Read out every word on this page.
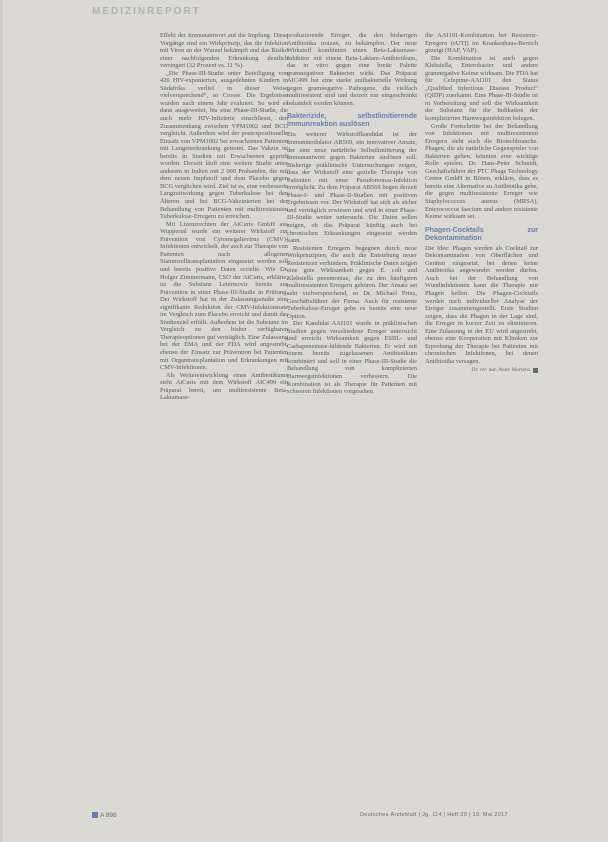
MEDIZINREPORT

Effekt der Immunantwort auf die Impfung. Diese Vorgänge sind ein Wirkprinzip, das die Infektion mit Viren an der Wurzel bekämpft und das Risiko einer nachfolgenden Erkrankung deutlich verringert (32 Prozent vs. 11 %).

„Die Phase-III-Studie unter Beteiligung von 426 HIV-exponierten, ausgedehnten Kindern in Südafrika verlief in dieser Weise vielversprechend“, so Crosse. Die Ergebnisse wurden nach einem Jahr evaluiert. So wird es dann ausgeweitet, bis eine Phase-III-Studie, die auch mehr HIV-Infizierte einschliesst, den Zusammenhang zwischen VPM1002 und BCG vergleicht. Außerdem wird der postexpositionelle Einsatz von VPM1002 bei erwachsenen Patienten mit Lungenerkrankung getestet. Das Vakzin ist bereits in Studien mit Erwachsenen geprüft worden. Derzeit läuft eine weitere Studie unter anderem in Indien mit 2 000 Probanden, die mit dem neuen Impfstoff und dem Placebo gegen BCG verglichen wird. Ziel ist es, eine verbesserte Langzeitwirkung gegen Tuberkulose bei den Älteren und bei BCG-Vakzinierten bei der Behandlung von Patienten mit multiresistenten Tuberkulose-Erregern zu erreichen.

Mit Lizenzrechten der AiCuris GmbH aus Wuppertal wurde ein weiterer Wirkstoff zur Prävention von Cytomegalievirus (CMV)-Infektionen entwickelt, der auch zur Therapie von Patienten nach allogener Stammzelltransplantation eingesetzt werden soll und bereits positive Daten erzielte. Wie Dr. Holger Zimmermann, CSO der AiCuris, erklärte, ist die Substanz Letermovir bereits zur Prävention in einer Phase-III-Studie in Prüfung. Der Wirkstoff hat in der Zulassungsstudie eine signifikante Reduktion der CMV-Infektionsrate im Vergleich zum Placebo erreicht und damit das Studienziel erfüllt. Außerdem ist die Substanz im Vergleich zu den bisher verfügbaren Therapieoptionen gut verträglich. Eine Zulassung bei der EMA und der FDA wird angestrebt, ebenso der Einsatz zur Prävention bei Patienten mit Organtransplantation und Erkrankungen mit CMV-Infektionen.

Als Weiterentwicklung eines Antibiotikums steht AiCuris mit dem Wirkstoff AIC499 ein Präparat bereit, um multiresistente Beta-Laktamase-

produzierende Erreger, die den bisherigen Antibiotika trotzen, zu bekämpfen. Der neue Wirkstoff kombiniert einen Beta-Laktamase-Inhibitor mit einem Beta-Laktam-Antibiotikum, das in vitro gegen eine breite Palette gramnegativer Bakterien wirkt. Das Präparat AIC499 hat eine starke antibakterielle Wirkung gegen gramnegative Pathogene, die vielfach multiresistent sind und derzeit nur eingeschränkt behandelt werden können.

Bakterizide, selbstlimitierende Immunreaktion auslösen

Ein weiterer Wirkstoffkandidat ist der Immunmodulator AB569, ein innovativer Ansatz, der eine neue natürliche Selbstlimitierung der Immunantwort gegen Bakterien auslösen soll. Bisherige präklinische Untersuchungen zeigen, dass der Wirkstoff eine gezielte Therapie von Patienten mit einer Pseudomonas-Infektion ermöglicht. Zu dem Präparat AB569 liegen derzeit Phase-I- und Phase-II-Studien mit positiven Ergebnissen vor. Der Wirkstoff hat sich als sicher und verträglich erwiesen und wird in einer Phase-III-Studie weiter untersucht. Die Daten sollen zeigen, ob das Präparat künftig auch bei chronischen Erkrankungen eingesetzt werden kann.

Resistenten Erregern begegnen durch neue Wirkprinzipien, die auch die Entstehung neuer Resistenzen verhindern. Präklinische Daten zeigen eine gute Wirksamkeit gegen E. coli und Klebsiella pneumoniae, die zu den häufigsten multiresistenten Erregern gehören. Der Ansatz sei sehr vielversprechend, so Dr. Michael Prinz, Geschäftsführer der Firma. Auch für resistente Tuberkulose-Erreger gebe es bereits eine neue Option.

Der Kandidat AAI101 wurde in präklinischen Studien gegen verschiedene Erreger untersucht und erreicht Wirksamkeit gegen ESBL- und Carbapenemase-bildende Bakterien. Er wird mit einem bereits zugelassenen Antibiotikum kombiniert und soll in einer Phase-III-Studie die Behandlung von komplizierten Harnwegsinfektionen verbessern. Die Kombination ist als Therapie für Patienten mit schweren Infektionen vorgesehen.

die AAI101-Kombination bei Resistenz-Erregern (cUTI) im Krankenhaus-Bereich gezeigt (HAP, VAP).

Die Kombination ist auch gegen Klebsiella, Enterobacter und andere gramnegative Keime wirksam. Die FDA hat für Cefepime-AAI101 den Status „Qualified Infectious Disease Product“ (QIDP) zuerkannt. Eine Phase-III-Studie ist in Vorbereitung und soll die Wirksamkeit der Substanz für die Indikation der komplizierten Harnwegsinfektion belegen.

Große Fortschritte bei der Behandlung von Infektionen mit multiresistenten Erregern sieht auch die Biotechbranche. Phagen, die als natürliche Gegenspieler von Bakterien gelten, könnten eine wichtige Rolle spielen. Dr. Hans-Peter Schmidt, Geschäftsführer der PTC Phage Technology Center GmbH in Bönen, erklärte, dass es bereits eine Alternative zu Antibiotika gebe, die gegen multiresistente Erreger wie Staphylococcus aureus (MRSA), Enterococcus faecium und andere resistente Keime wirksam sei.

Phagen-Cocktails zur Dekontamination

Die Idee: Phagen werden als Cocktail zur Dekontamination von Oberflächen und Geräten eingesetzt, bei denen keine Antibiotika angewendet werden dürfen. Auch bei der Behandlung von Wundinfektionen kann die Therapie mit Phagen helfen. Die Phagen-Cocktails werden nach individueller Analyse der Erreger zusammengestellt. Erste Studien zeigen, dass die Phagen in der Lage sind, die Erreger in kurzer Zeit zu eliminieren. Eine Zulassung in der EU wird angestrebt, ebenso eine Kooperation mit Kliniken zur Erprobung der Therapie bei Patienten mit chronischen Infektionen, bei denen Antibiotika versagen.

Dr. rer. nat. Anne Martens
A 898	Deutsches Ärzteblatt | Jg. 114 | Heft 20 | 19. Mai 2017
